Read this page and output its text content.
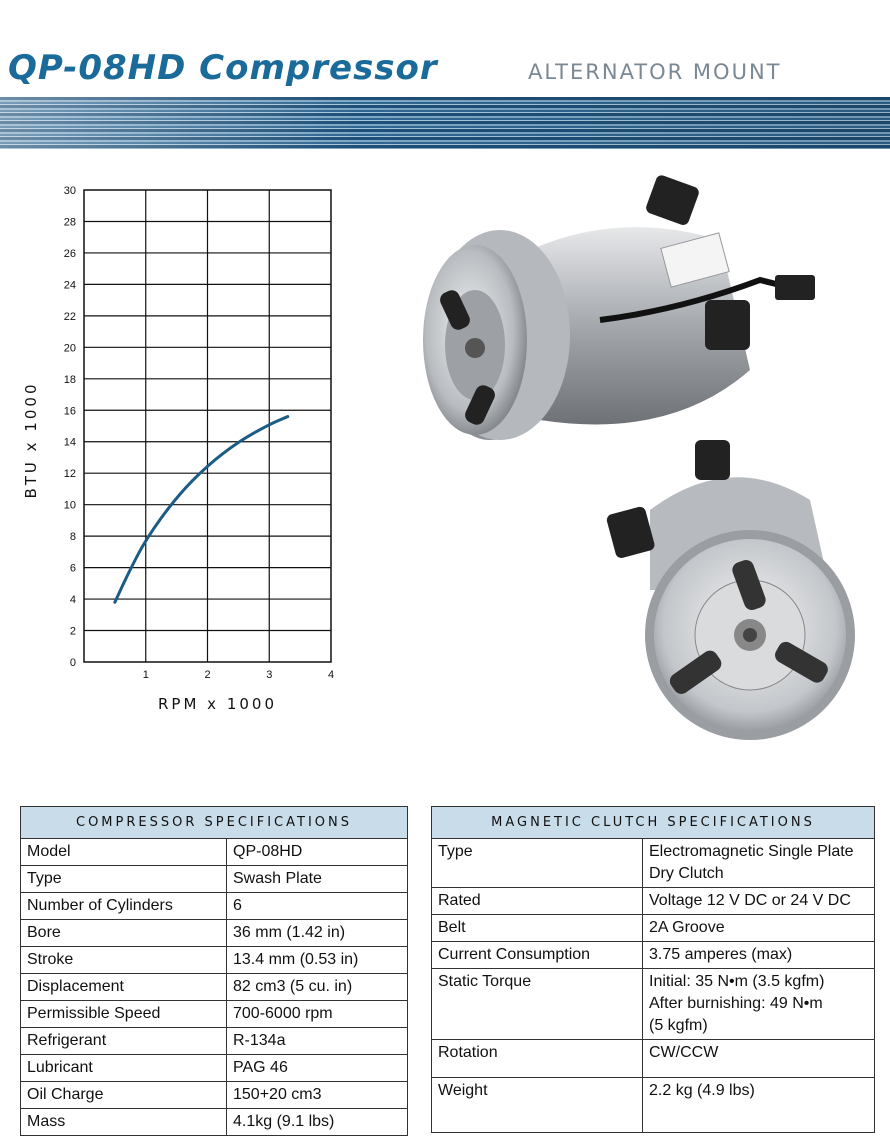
QP-08HD Compressor	ALTERNATOR MOUNT
0
2
4
6
8
10
12
14
16
18
20
22
24
26
28
30
1	2	3	4
RPM x 1000
BTU x 1000
COMPRESSOR SPECIFICATIONS	
Model	QP-08HD
Type	Swash Plate
Number of Cylinders	6
Bore	36 mm (1.42 in)
Stroke	13.4 mm (0.53 in)
Displacement	82 cm3 (5 cu. in)
Permissible Speed	700-6000 rpm
Refrigerant	R-134a
Lubricant	PAG 46
Oil Charge	150+20 cm3
Mass	4.1kg (9.1 lbs)
MAGNETIC CLUTCH SPECIFICATIONS	
Type	Electromagnetic Single Plate
Dry Clutch

Rated	Voltage 12 V DC or 24 V DC

Belt	2A Groove

Current Consumption	3.75 amperes (max)

Static Torque	Initial: 35 N•m (3.5 kgfm)
After burnishing: 49 N•m
(5 kgfm)

Rotation	CW/CCW

Weight	2.2 kg (4.9 lbs)
